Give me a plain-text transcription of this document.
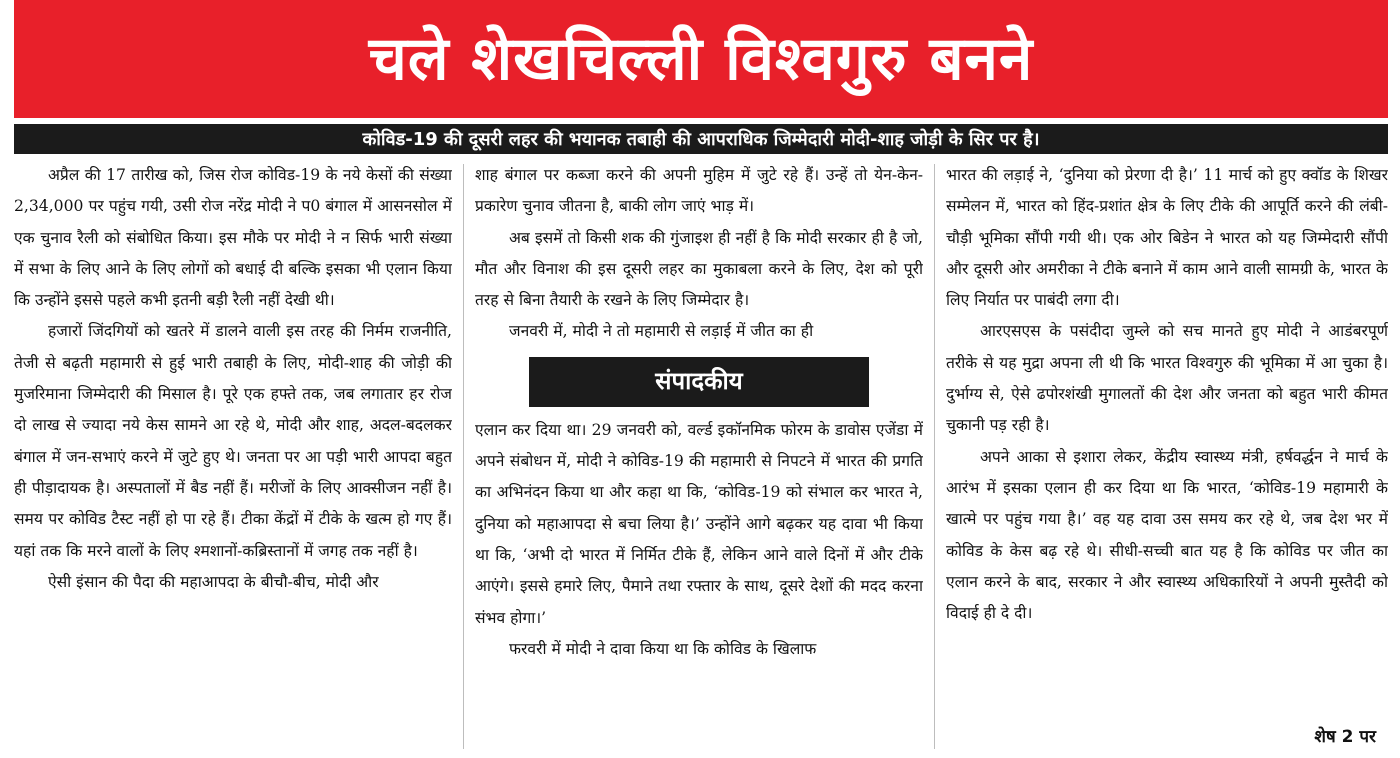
चले शेखचिल्ली विश्वगुरु बनने
कोविड-19 की दूसरी लहर की भयानक तबाही की आपराधिक जिम्मेदारी मोदी-शाह जोड़ी के सिर पर है।

अप्रैल की 17 तारीख को, जिस रोज कोविड-19 के नये केसों की संख्या 2,34,000 पर पहुंच गयी, उसी रोज नरेंद्र मोदी ने प0 बंगाल में आसनसोल में एक चुनाव रैली को संबोधित किया। इस मौके पर मोदी ने न सिर्फ भारी संख्या में सभा के लिए आने के लिए लोगों को बधाई दी बल्कि इसका भी एलान किया कि उन्होंने इससे पहले कभी इतनी बड़ी रैली नहीं देखी थी।

हजारों जिंदगियों को खतरे में डालने वाली इस तरह की निर्मम राजनीति, तेजी से बढ़ती महामारी से हुई भारी तबाही के लिए, मोदी-शाह की जोड़ी की मुजरिमाना जिम्मेदारी की मिसाल है। पूरे एक हफ्ते तक, जब लगातार हर रोज दो लाख से ज्यादा नये केस सामने आ रहे थे, मोदी और शाह, अदल-बदलकर बंगाल में जन-सभाएं करने में जुटे हुए थे। जनता पर आ पड़ी भारी आपदा बहुत ही पीड़ादायक है। अस्पतालों में बैड नहीं हैं। मरीजों के लिए आक्सीजन नहीं है। समय पर कोविड टैस्ट नहीं हो पा रहे हैं। टीका केंद्रों में टीके के खत्म हो गए हैं। यहां तक कि मरने वालों के लिए श्मशानों-कब्रिस्तानों में जगह तक नहीं है।

ऐसी इंसान की पैदा की महाआपदा के बीचौ-बीच, मोदी और

शाह बंगाल पर कब्जा करने की अपनी मुहिम में जुटे रहे हैं। उन्हें तो येन-केन-प्रकारेण चुनाव जीतना है, बाकी लोग जाएं भाड़ में।

अब इसमें तो किसी शक की गुंजाइश ही नहीं है कि मोदी सरकार ही है जो, मौत और विनाश की इस दूसरी लहर का मुकाबला करने के लिए, देश को पूरी तरह से बिना तैयारी के रखने के लिए जिम्मेदार है।

जनवरी में, मोदी ने तो महामारी से लड़ाई में जीत का ही

संपादकीय

एलान कर दिया था। 29 जनवरी को, वर्ल्ड इकॉनमिक फोरम के डावोस एजेंडा में अपने संबोधन में, मोदी ने कोविड-19 की महामारी से निपटने में भारत की प्रगति का अभिनंदन किया था और कहा था कि, ‘कोविड-19 को संभाल कर भारत ने, दुनिया को महाआपदा से बचा लिया है।’ उन्होंने आगे बढ़कर यह दावा भी किया था कि, ‘अभी दो भारत में निर्मित टीके हैं, लेकिन आने वाले दिनों में और टीके आएंगे। इससे हमारे लिए, पैमाने तथा रफ्तार के साथ, दूसरे देशों की मदद करना संभव होगा।’

फरवरी में मोदी ने दावा किया था कि कोविड के खिलाफ

भारत की लड़ाई ने, ‘दुनिया को प्रेरणा दी है।’ 11 मार्च को हुए क्वॉड के शिखर सम्मेलन में, भारत को हिंद-प्रशांत क्षेत्र के लिए टीके की आपूर्ति करने की लंबी-चौड़ी भूमिका सौंपी गयी थी। एक ओर बिडेन ने भारत को यह जिम्मेदारी सौंपी और दूसरी ओर अमरीका ने टीके बनाने में काम आने वाली सामग्री के, भारत के लिए निर्यात पर पाबंदी लगा दी।

आरएसएस के पसंदीदा जुम्ले को सच मानते हुए मोदी ने आडंबरपूर्ण तरीके से यह मुद्रा अपना ली थी कि भारत विश्वगुरु की भूमिका में आ चुका है। दुर्भाग्य से, ऐसे ढपोरशंखी मुगालतों की देश और जनता को बहुत भारी कीमत चुकानी पड़ रही है।

अपने आका से इशारा लेकर, केंद्रीय स्वास्थ्य मंत्री, हर्षवर्द्धन ने मार्च के आरंभ में इसका एलान ही कर दिया था कि भारत, ‘कोविड-19 महामारी के खात्मे पर पहुंच गया है।’ वह यह दावा उस समय कर रहे थे, जब देश भर में कोविड के केस बढ़ रहे थे। सीधी-सच्ची बात यह है कि कोविड पर जीत का एलान करने के बाद, सरकार ने और स्वास्थ्य अधिकारियों ने अपनी मुस्तैदी को विदाई ही दे दी।

शेष 2 पर
